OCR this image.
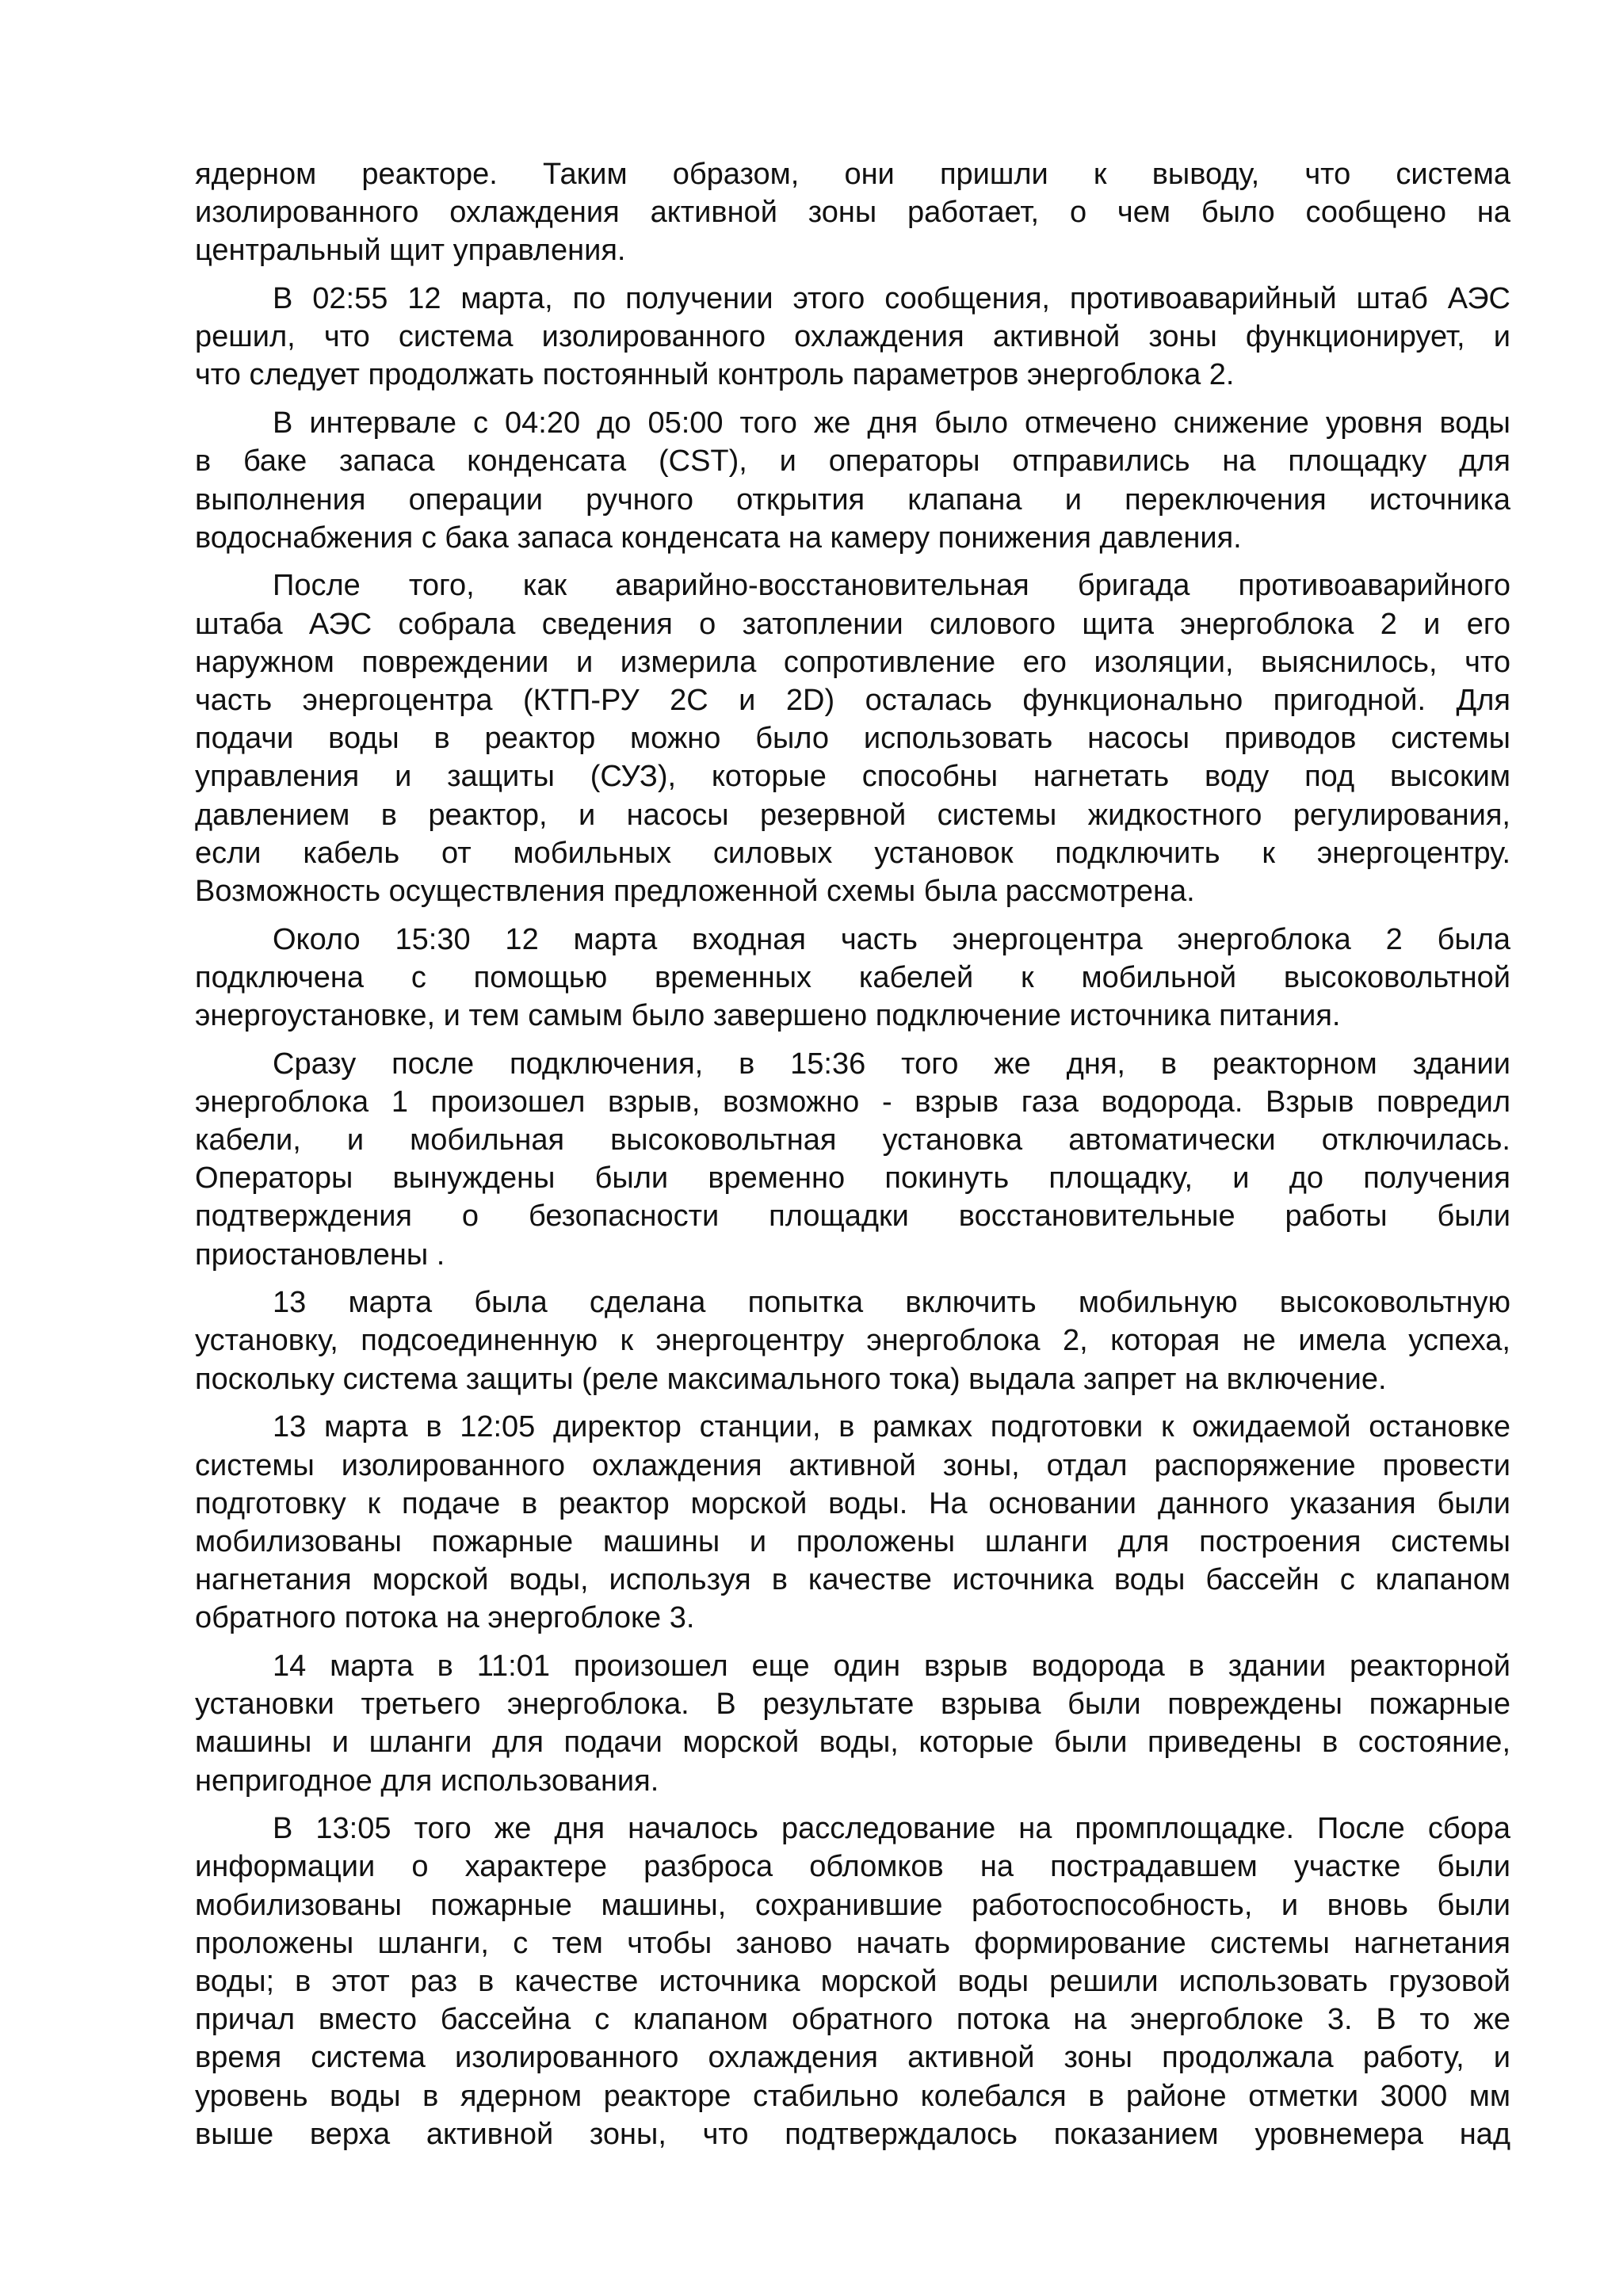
ядерном реакторе. Таким образом, они пришли к выводу, что система
изолированного охлаждения активной зоны работает, о чем было сообщено на
центральный щит управления.
В 02:55 12 марта, по получении этого сообщения, противоаварийный штаб АЭС
решил, что система изолированного охлаждения активной зоны функционирует, и
что следует продолжать постоянный контроль параметров энергоблока 2.
В интервале с 04:20 до 05:00 того же дня было отмечено снижение уровня воды
в баке запаса конденсата (CST), и операторы отправились на площадку для
выполнения операции ручного открытия клапана и переключения источника
водоснабжения с бака запаса конденсата на камеру понижения давления.
После того, как аварийно-восстановительная бригада противоаварийного
штаба АЭС собрала сведения о затоплении силового щита энергоблока 2 и его
наружном повреждении и измерила сопротивление его изоляции, выяснилось, что
часть энергоцентра (КТП-РУ 2С и 2D) осталась функционально пригодной. Для
подачи воды в реактор можно было использовать насосы приводов системы
управления и защиты (СУЗ), которые способны нагнетать воду под высоким
давлением в реактор, и насосы резервной системы жидкостного регулирования,
если кабель от мобильных силовых установок подключить к энергоцентру.
Возможность осуществления предложенной схемы была рассмотрена.
Около 15:30 12 марта входная часть энергоцентра энергоблока 2 была
подключена с помощью временных кабелей к мобильной высоковольтной
энергоустановке, и тем самым было завершено подключение источника питания.
Сразу после подключения, в 15:36 того же дня, в реакторном здании
энергоблока 1 произошел взрыв, возможно - взрыв газа водорода. Взрыв повредил
кабели, и мобильная высоковольтная установка автоматически отключилась.
Операторы вынуждены были временно покинуть площадку, и до получения
подтверждения о безопасности площадки восстановительные работы были
приостановлены .
13 марта была сделана попытка включить мобильную высоковольтную
установку, подсоединенную к энергоцентру энергоблока 2, которая не имела успеха,
поскольку система защиты (реле максимального тока) выдала запрет на включение.
13 марта в 12:05 директор станции, в рамках подготовки к ожидаемой остановке
системы изолированного охлаждения активной зоны, отдал распоряжение провести
подготовку к подаче в реактор морской воды. На основании данного указания были
мобилизованы пожарные машины и проложены шланги для построения системы
нагнетания морской воды, используя в качестве источника воды бассейн с клапаном
обратного потока на энергоблоке 3.
14 марта в 11:01 произошел еще один взрыв водорода в здании реакторной
установки третьего энергоблока. В результате взрыва были повреждены пожарные
машины и шланги для подачи морской воды, которые были приведены в состояние,
непригодное для использования.
В 13:05 того же дня началось расследование на промплощадке. После сбора
информации о характере разброса обломков на пострадавшем участке были
мобилизованы пожарные машины, сохранившие работоспособность, и вновь были
проложены шланги, с тем чтобы заново начать формирование системы нагнетания
воды; в этот раз в качестве источника морской воды решили использовать грузовой
причал вместо бассейна с клапаном обратного потока на энергоблоке 3. В то же
время система изолированного охлаждения активной зоны продолжала работу, и
уровень воды в ядерном реакторе стабильно колебался в районе отметки 3000 мм
выше верха активной зоны, что подтверждалось показанием уровнемера над
